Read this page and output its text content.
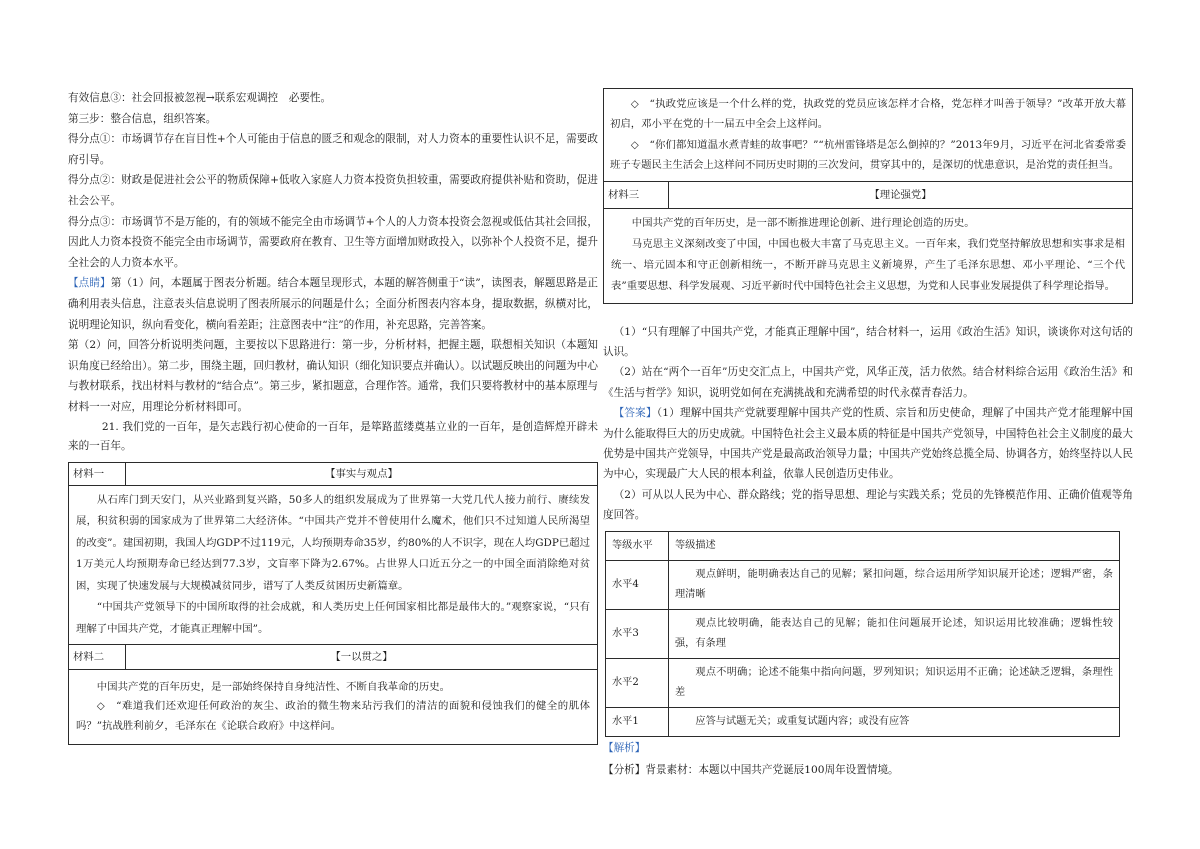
有效信息③：社会回报被忽视→联系宏观调控　必要性。

第三步：整合信息，组织答案。

得分点①：市场调节存在盲目性+个人可能由于信息的匮乏和观念的限制，对人力资本的重要性认识不足，需要政府引导。

得分点②：财政是促进社会公平的物质保障+低收入家庭人力资本投资负担较重，需要政府提供补贴和资助，促进社会公平。

得分点③：市场调节不是万能的，有的领域不能完全由市场调节+个人的人力资本投资会忽视或低估其社会回报，因此人力资本投资不能完全由市场调节，需要政府在教育、卫生等方面增加财政投入，以弥补个人投资不足，提升全社会的人力资本水平。

【点睛】第（1）问，本题属于图表分析题。结合本题呈现形式，本题的解答侧重于“读”，读图表，解题思路是正确利用表头信息，注意表头信息说明了图表所展示的问题是什么；全面分析图表内容本身，提取数据，纵横对比，说明理论知识，纵向看变化，横向看差距；注意图表中“注”的作用，补充思路，完善答案。

第（2）问，回答分析说明类问题，主要按以下思路进行：第一步，分析材料，把握主题，联想相关知识（本题知识角度已经给出）。第二步，围绕主题，回归教材，确认知识（细化知识要点并确认）。以试题反映出的问题为中心与教材联系，找出材料与教材的“结合点”。第三步，紧扣题意，合理作答。通常，我们只要将教材中的基本原理与材料一一对应，用理论分析材料即可。

21. 我们党的一百年，是矢志践行初心使命的一百年，是筚路蓝缕奠基立业的一百年，是创造辉煌开辟未来的一百年。

材料一	【事实与观点】

从石库门到天安门，从兴业路到复兴路，50多人的组织发展成为了世界第一大党几代人接力前行、赓续发展，积贫积弱的国家成为了世界第二大经济体。“中国共产党并不曾使用什么魔术，他们只不过知道人民所渴望的改变”。建国初期，我国人均GDP不过119元，人均预期寿命35岁，约80%的人不识字，现在人均GDP已超过1万美元人均预期寿命已经达到77.3岁，文盲率下降为2.67%。占世界人口近五分之一的中国全面消除绝对贫困，实现了快速发展与大规模减贫同步，谱写了人类反贫困历史新篇章。

“中国共产党领导下的中国所取得的社会成就，和人类历史上任何国家相比都是最伟大的。”观察家说，“只有理解了中国共产党，才能真正理解中国”。	

材料二	【一以贯之】

中国共产党的百年历史，是一部始终保持自身纯洁性、不断自我革命的历史。

◇　“难道我们还欢迎任何政治的灰尘、政治的微生物来玷污我们的清洁的面貌和侵蚀我们的健全的肌体吗？”抗战胜利前夕，毛泽东在《论联合政府》中这样问。	

◇　“执政党应该是一个什么样的党，执政党的党员应该怎样才合格，党怎样才叫善于领导？”改革开放大幕初启，邓小平在党的十一届五中全会上这样问。

◇　“你们都知道温水煮青蛙的故事吧？”“杭州雷锋塔是怎么倒掉的？”2013年9月，习近平在河北省委常委班子专题民主生活会上这样问不同历史时期的三次发问，贯穿其中的，是深切的忧患意识，是治党的责任担当。

材料三	【理论强党】

中国共产党的百年历史，是一部不断推进理论创新、进行理论创造的历史。

马克思主义深刻改变了中国，中国也极大丰富了马克思主义。一百年来，我们党坚持解放思想和实事求是相统一、培元固本和守正创新相统一，不断开辟马克思主义新境界，产生了毛泽东思想、邓小平理论、“三个代表”重要思想、科学发展观、习近平新时代中国特色社会主义思想，为党和人民事业发展提供了科学理论指导。

（1）“只有理解了中国共产党，才能真正理解中国”，结合材料一，运用《政治生活》知识，谈谈你对这句话的认识。

（2）站在“两个一百年”历史交汇点上，中国共产党，风华正茂，活力依然。结合材料综合运用《政治生活》和《生活与哲学》知识，说明党如何在充满挑战和充满希望的时代永葆青春活力。

【答案】（1）理解中国共产党就要理解中国共产党的性质、宗旨和历史使命，理解了中国共产党才能理解中国为什么能取得巨大的历史成就。中国特色社会主义最本质的特征是中国共产党领导，中国特色社会主义制度的最大优势是中国共产党领导，中国共产党是最高政治领导力量；中国共产党始终总揽全局、协调各方，始终坚持以人民为中心，实现最广大人民的根本利益，依靠人民创造历史伟业。

（2）可从以人民为中心、群众路线；党的指导思想、理论与实践关系；党员的先锋模范作用、正确价值观等角度回答。

等级水平	等级描述
水平4	观点鲜明，能明确表达自己的见解；紧扣问题，综合运用所学知识展开论述；逻辑严密，条理清晰
水平3	观点比较明确，能表达自己的见解；能扣住问题展开论述，知识运用比较准确；逻辑性较强，有条理
水平2	观点不明确；论述不能集中指向问题，罗列知识；知识运用不正确；论述缺乏逻辑，条理性差
水平1	应答与试题无关；或重复试题内容；或没有应答

【解析】

【分析】背景素材：本题以中国共产党诞辰100周年设置情境。
